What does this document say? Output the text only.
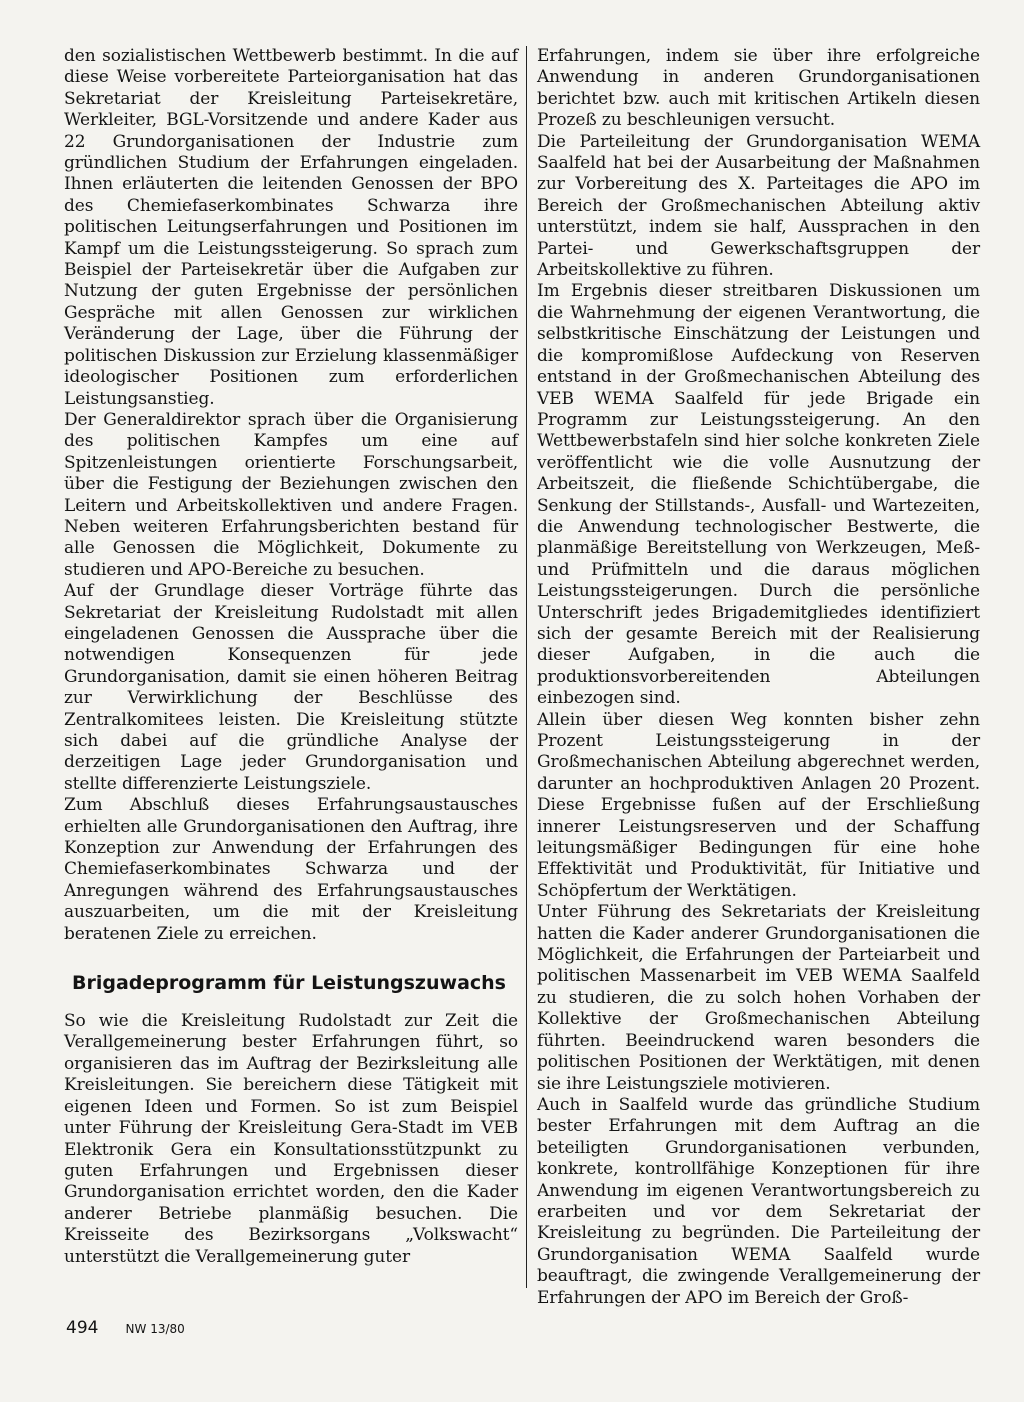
den sozialistischen Wettbewerb bestimmt. In die auf diese Weise vorbereitete Parteiorganisation hat das Sekretariat der Kreisleitung Parteisekretäre, Werkleiter, BGL-Vorsitzende und andere Kader aus 22 Grundorganisationen der Industrie zum gründlichen Studium der Erfahrungen eingeladen. Ihnen erläuterten die leitenden Genossen der BPO des Chemiefaserkombinates Schwarza ihre politischen Leitungserfahrungen und Positionen im Kampf um die Leistungssteigerung. So sprach zum Beispiel der Parteisekretär über die Aufgaben zur Nutzung der guten Ergebnisse der persönlichen Gespräche mit allen Genossen zur wirklichen Veränderung der Lage, über die Führung der politischen Diskussion zur Erzielung klassenmäßiger ideologischer Positionen zum erforderlichen Leistungsanstieg.

Der Generaldirektor sprach über die Organisierung des politischen Kampfes um eine auf Spitzenleistungen orientierte Forschungsarbeit, über die Festigung der Beziehungen zwischen den Leitern und Arbeitskollektiven und andere Fragen. Neben weiteren Erfahrungsberichten bestand für alle Genossen die Möglichkeit, Dokumente zu studieren und APO-Bereiche zu besuchen.

Auf der Grundlage dieser Vorträge führte das Sekretariat der Kreisleitung Rudolstadt mit allen eingeladenen Genossen die Aussprache über die notwendigen Konsequenzen für jede Grundorganisation, damit sie einen höheren Beitrag zur Verwirklichung der Beschlüsse des Zentralkomitees leisten. Die Kreisleitung stützte sich dabei auf die gründliche Analyse der derzeitigen Lage jeder Grundorganisation und stellte differenzierte Leistungsziele.

Zum Abschluß dieses Erfahrungsaustausches erhielten alle Grundorganisationen den Auftrag, ihre Konzeption zur Anwendung der Erfahrungen des Chemiefaserkombinates Schwarza und der Anregungen während des Erfahrungsaustausches auszuarbeiten, um die mit der Kreisleitung beratenen Ziele zu erreichen.

Brigadeprogramm für Leistungszuwachs

So wie die Kreisleitung Rudolstadt zur Zeit die Verallgemeinerung bester Erfahrungen führt, so organisieren das im Auftrag der Bezirksleitung alle Kreisleitungen. Sie bereichern diese Tätigkeit mit eigenen Ideen und Formen. So ist zum Beispiel unter Führung der Kreisleitung Gera-Stadt im VEB Elektronik Gera ein Konsultationsstützpunkt zu guten Erfahrungen und Ergebnissen dieser Grundorganisation errichtet worden, den die Kader anderer Betriebe planmäßig besuchen. Die Kreisseite des Bezirksorgans „Volkswacht“ unterstützt die Verallgemeinerung guter

Erfahrungen, indem sie über ihre erfolgreiche Anwendung in anderen Grundorganisationen berichtet bzw. auch mit kritischen Artikeln diesen Prozeß zu beschleunigen versucht.

Die Parteileitung der Grundorganisation WEMA Saalfeld hat bei der Ausarbeitung der Maßnahmen zur Vorbereitung des X. Parteitages die APO im Bereich der Großmechanischen Abteilung aktiv unterstützt, indem sie half, Aussprachen in den Partei- und Gewerkschaftsgruppen der Arbeitskollektive zu führen.

Im Ergebnis dieser streitbaren Diskussionen um die Wahrnehmung der eigenen Verantwortung, die selbstkritische Einschätzung der Leistungen und die kompromißlose Aufdeckung von Reserven entstand in der Großmechanischen Abteilung des VEB WEMA Saalfeld für jede Brigade ein Programm zur Leistungssteigerung. An den Wettbewerbstafeln sind hier solche konkreten Ziele veröffentlicht wie die volle Ausnutzung der Arbeitszeit, die fließende Schichtübergabe, die Senkung der Stillstands-, Ausfall- und Wartezeiten, die Anwendung technologischer Bestwerte, die planmäßige Bereitstellung von Werkzeugen, Meß- und Prüfmitteln und die daraus möglichen Leistungssteigerungen. Durch die persönliche Unterschrift jedes Brigademitgliedes identifiziert sich der gesamte Bereich mit der Realisierung dieser Aufgaben, in die auch die produktionsvorbereitenden Abteilungen einbezogen sind.

Allein über diesen Weg konnten bisher zehn Prozent Leistungssteigerung in der Großmechanischen Abteilung abgerechnet werden, darunter an hochproduktiven Anlagen 20 Prozent. Diese Ergebnisse fußen auf der Erschließung innerer Leistungsreserven und der Schaffung leitungsmäßiger Bedingungen für eine hohe Effektivität und Produktivität, für Initiative und Schöpfertum der Werktätigen.

Unter Führung des Sekretariats der Kreisleitung hatten die Kader anderer Grundorganisationen die Möglichkeit, die Erfahrungen der Parteiarbeit und politischen Massenarbeit im VEB WEMA Saalfeld zu studieren, die zu solch hohen Vorhaben der Kollektive der Großmechanischen Abteilung führten. Beeindruckend waren besonders die politischen Positionen der Werktätigen, mit denen sie ihre Leistungsziele motivieren.

Auch in Saalfeld wurde das gründliche Studium bester Erfahrungen mit dem Auftrag an die beteiligten Grundorganisationen verbunden, konkrete, kontrollfähige Konzeptionen für ihre Anwendung im eigenen Verantwortungsbereich zu erarbeiten und vor dem Sekretariat der Kreisleitung zu begründen. Die Parteileitung der Grundorganisation WEMA Saalfeld wurde beauftragt, die zwingende Verallgemeinerung der Erfahrungen der APO im Bereich der Groß-

494 NW 13/80
